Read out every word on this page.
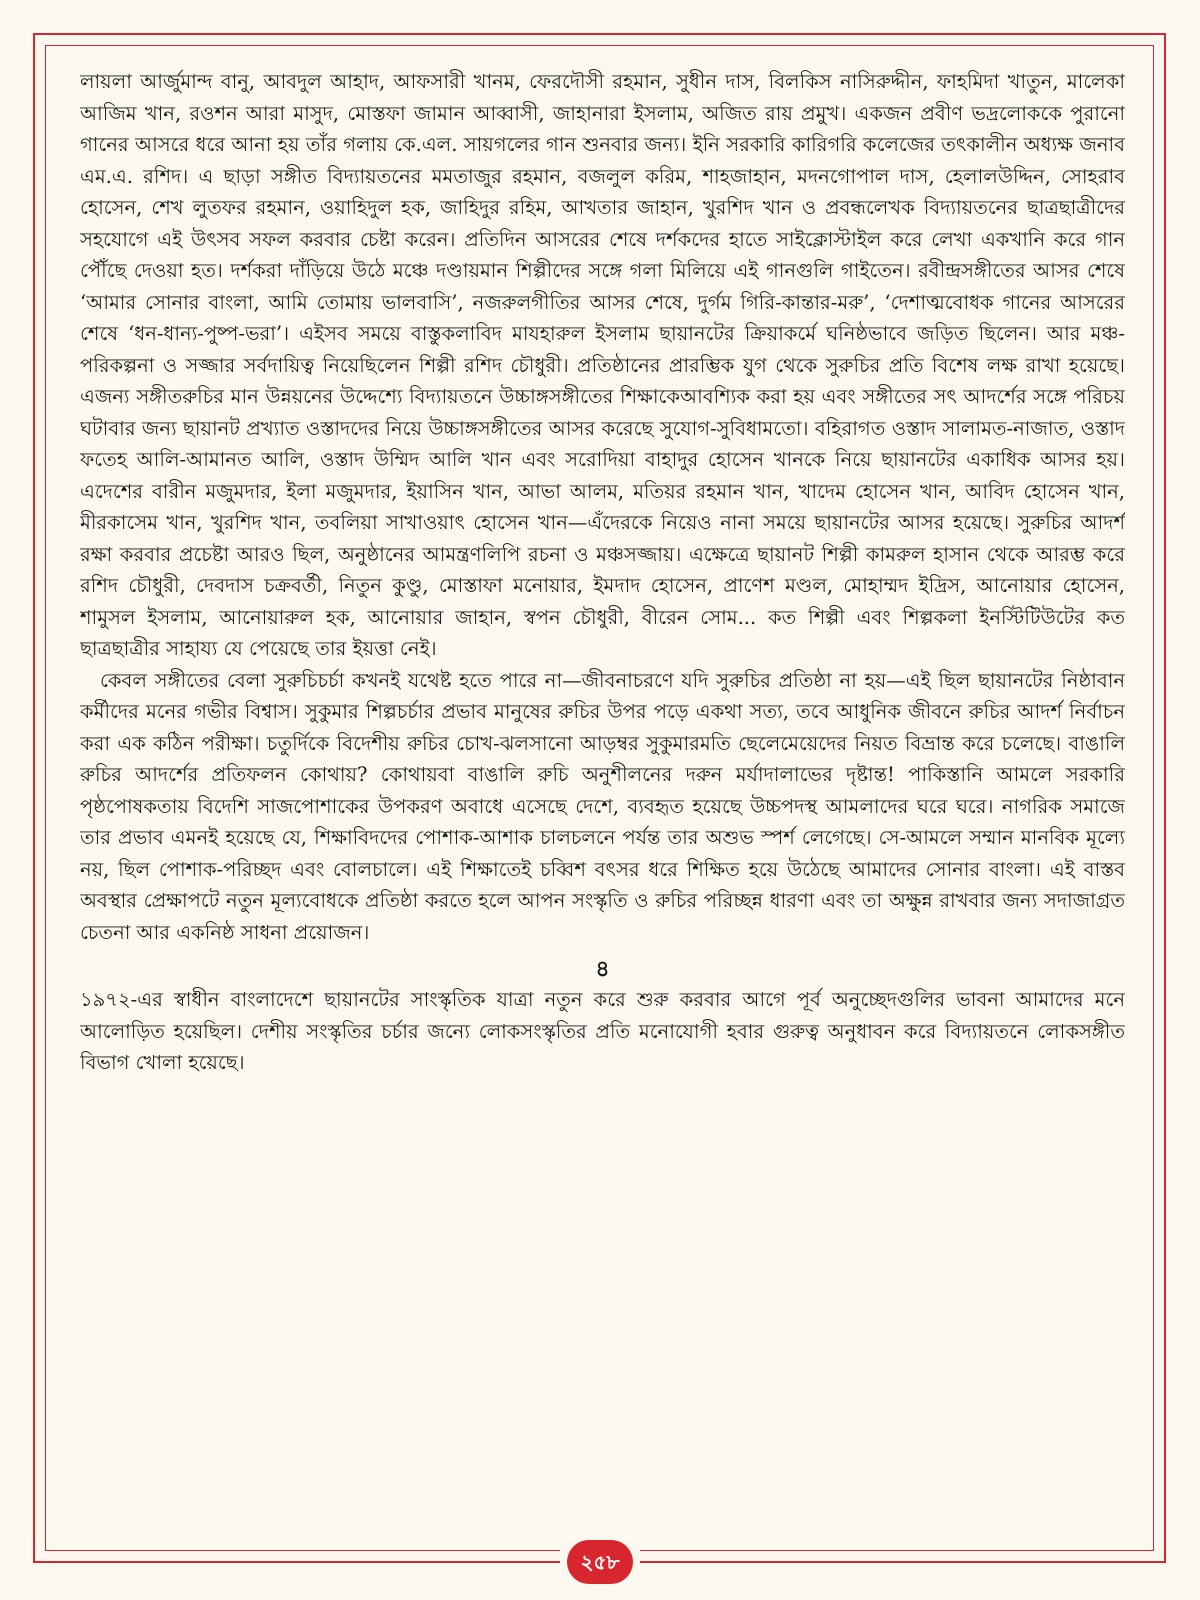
লায়লা আর্জুমান্দ বানু, আবদুল আহাদ, আফসারী খানম, ফেরদৌসী রহমান, সুধীন দাস, বিলকিস নাসিরুদ্দীন, ফাহমিদা খাতুন, মালেকা আজিম খান, রওশন আরা মাসুদ, মোস্তফা জামান আব্বাসী, জাহানারা ইসলাম, অজিত রায় প্রমুখ। একজন প্রবীণ ভদ্রলোককে পুরানো গানের আসরে ধরে আনা হয় তাঁর গলায় কে.এল. সায়গলের গান শুনবার জন্য। ইনি সরকারি কারিগরি কলেজের তৎকালীন অধ্যক্ষ জনাব এম.এ. রশিদ। এ ছাড়া সঙ্গীত বিদ্যায়তনের মমতাজুর রহমান, বজলুল করিম, শাহজাহান, মদনগোপাল দাস, হেলালউদ্দিন, সোহরাব হোসেন, শেখ লুতফর রহমান, ওয়াহিদুল হক, জাহিদুর রহিম, আখতার জাহান, খুরশিদ খান ও প্রবন্ধলেখক বিদ্যায়তনের ছাত্রছাত্রীদের সহযোগে এই উৎসব সফল করবার চেষ্টা করেন। প্রতিদিন আসরের শেষে দর্শকদের হাতে সাইক্লোস্টাইল করে লেখা একখানি করে গান পৌঁছে দেওয়া হত। দর্শকরা দাঁড়িয়ে উঠে মঞ্চে দণ্ডায়মান শিল্পীদের সঙ্গে গলা মিলিয়ে এই গানগুলি গাইতেন। রবীন্দ্রসঙ্গীতের আসর শেষে ‘আমার সোনার বাংলা, আমি তোমায় ভালবাসি’, নজরুলগীতির আসর শেষে, দুর্গম গিরি-কান্তার-মরু’, ‘দেশাত্মবোধক গানের আসরের শেষে ‘ধন-ধান্য-পুষ্প-ভরা’। এইসব সময়ে বাস্তুকলাবিদ মাযহারুল ইসলাম ছায়ানটের ক্রিয়াকর্মে ঘনিষ্ঠভাবে জড়িত ছিলেন। আর মঞ্চ-পরিকল্পনা ও সজ্জার সর্বদায়িত্ব নিয়েছিলেন শিল্পী রশিদ চৌধুরী। প্রতিষ্ঠানের প্রারম্ভিক যুগ থেকে সুরুচির প্রতি বিশেষ লক্ষ রাখা হয়েছে। এজন্য সঙ্গীতরুচির মান উন্নয়নের উদ্দেশ্যে বিদ্যায়তনে উচ্চাঙ্গসঙ্গীতের শিক্ষাকেআবশ্যিক করা হয় এবং সঙ্গীতের সৎ আদর্শের সঙ্গে পরিচয় ঘটাবার জন্য ছায়ানট প্রখ্যাত ওস্তাদদের নিয়ে উচ্চাঙ্গসঙ্গীতের আসর করেছে সুযোগ-সুবিধামতো। বহিরাগত ওস্তাদ সালামত-নাজাত, ওস্তাদ ফতেহ আলি-আমানত আলি, ওস্তাদ উম্মিদ আলি খান এবং সরোদিয়া বাহাদুর হোসেন খানকে নিয়ে ছায়ানটের একাধিক আসর হয়। এদেশের বারীন মজুমদার, ইলা মজুমদার, ইয়াসিন খান, আভা আলম, মতিয়র রহমান খান, খাদেম হোসেন খান, আবিদ হোসেন খান, মীরকাসেম খান, খুরশিদ খান, তবলিয়া সাখাওয়াৎ হোসেন খান—এঁদেরকে নিয়েও নানা সময়ে ছায়ানটের আসর হয়েছে। সুরুচির আদর্শ রক্ষা করবার প্রচেষ্টা আরও ছিল, অনুষ্ঠানের আমন্ত্রণলিপি রচনা ও মঞ্চসজ্জায়। এক্ষেত্রে ছায়ানট শিল্পী কামরুল হাসান থেকে আরম্ভ করে রশিদ চৌধুরী, দেবদাস চক্রবর্তী, নিতুন কুণ্ডু, মোস্তাফা মনোয়ার, ইমদাদ হোসেন, প্রাণেশ মণ্ডল, মোহাম্মদ ইদ্রিস, আনোয়ার হোসেন, শামুসল ইসলাম, আনোয়ারুল হক, আনোয়ার জাহান, স্বপন চৌধুরী, বীরেন সোম... কত শিল্পী এবং শিল্পকলা ইনস্টিটিউটের কত ছাত্রছাত্রীর সাহায্য যে পেয়েছে তার ইয়ত্তা নেই।

কেবল সঙ্গীতের বেলা সুরুচিচর্চা কখনই যথেষ্ট হতে পারে না—জীবনাচরণে যদি সুরুচির প্রতিষ্ঠা না হয়—এই ছিল ছায়ানটের নিষ্ঠাবান কর্মীদের মনের গভীর বিশ্বাস। সুকুমার শিল্পচর্চার প্রভাব মানুষের রুচির উপর পড়ে একথা সত্য, তবে আধুনিক জীবনে রুচির আদর্শ নির্বাচন করা এক কঠিন পরীক্ষা। চতুর্দিকে বিদেশীয় রুচির চোখ-ঝলসানো আড়ম্বর সুকুমারমতি ছেলেমেয়েদের নিয়ত বিভ্রান্ত করে চলেছে। বাঙালি রুচির আদর্শের প্রতিফলন কোথায়? কোথায়বা বাঙালি রুচি অনুশীলনের দরুন মর্যাদালাভের দৃষ্টান্ত! পাকিস্তানি আমলে সরকারি পৃষ্ঠপোষকতায় বিদেশি সাজপোশাকের উপকরণ অবাধে এসেছে দেশে, ব্যবহৃত হয়েছে উচ্চপদস্থ আমলাদের ঘরে ঘরে। নাগরিক সমাজে তার প্রভাব এমনই হয়েছে যে, শিক্ষাবিদদের পোশাক-আশাক চালচলনে পর্যন্ত তার অশুভ স্পর্শ লেগেছে। সে-আমলে সম্মান মানবিক মূল্যে নয়, ছিল পোশাক-পরিচ্ছদ এবং বোলচালে। এই শিক্ষাতেই চব্বিশ বৎসর ধরে শিক্ষিত হয়ে উঠেছে আমাদের সোনার বাংলা। এই বাস্তব অবস্থার প্রেক্ষাপটে নতুন মূল্যবোধকে প্রতিষ্ঠা করতে হলে আপন সংস্কৃতি ও রুচির পরিচ্ছন্ন ধারণা এবং তা অক্ষুন্ন রাখবার জন্য সদাজাগ্রত চেতনা আর একনিষ্ঠ সাধনা প্রয়োজন।

৪

১৯৭২-এর স্বাধীন বাংলাদেশে ছায়ানটের সাংস্কৃতিক যাত্রা নতুন করে শুরু করবার আগে পূর্ব অনুচ্ছেদগুলির ভাবনা আমাদের মনে আলোড়িত হয়েছিল। দেশীয় সংস্কৃতির চর্চার জন্যে লোকসংস্কৃতির প্রতি মনোযোগী হবার গুরুত্ব অনুধাবন করে বিদ্যায়তনে লোকসঙ্গীত বিভাগ খোলা হয়েছে।

২৫৮
